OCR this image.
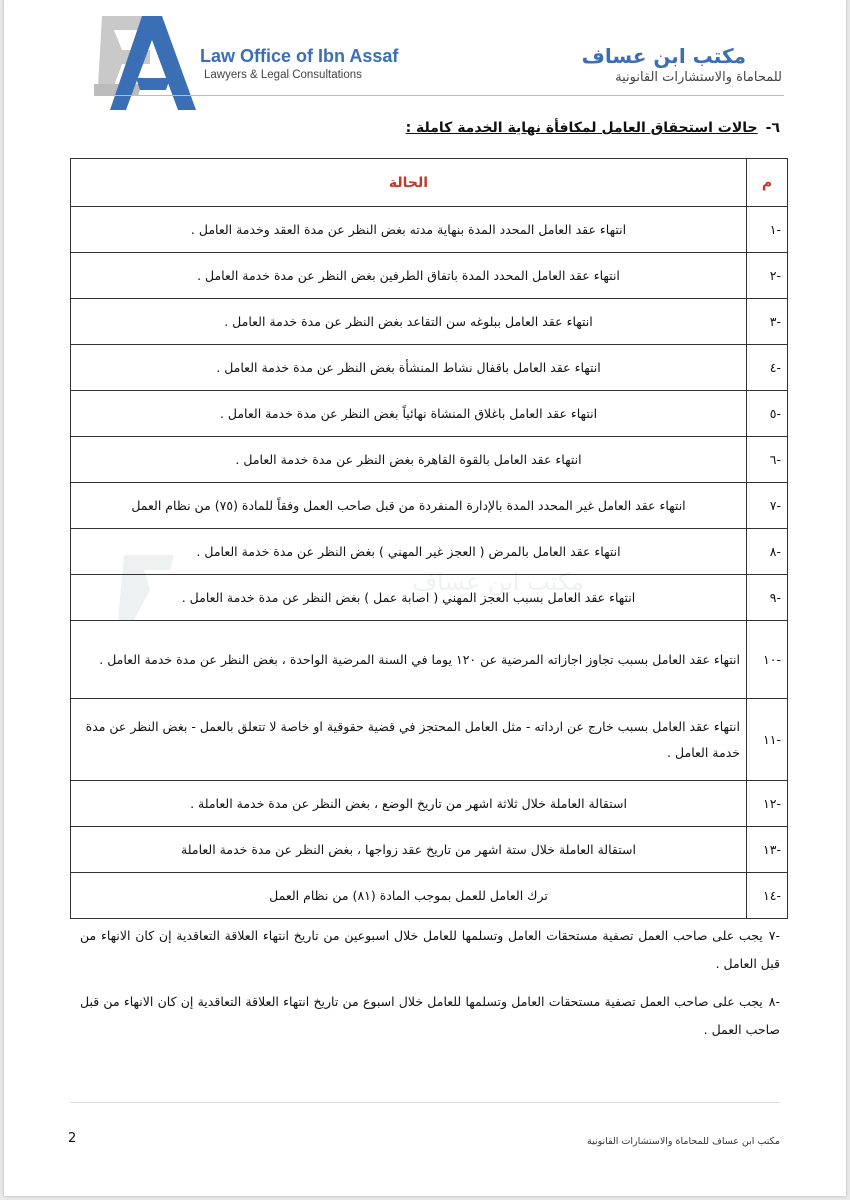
Law Office of Ibn Assaf
Lawyers & Legal Consultations
مكتب ابن عساف
للمحاماة والاستشارات القانونية
٦-حالات استحقاق العامل لمكافأة نهاية الخدمة كاملة :
مكتب ابن عساف
م	الحالة
-١	انتهاء عقد العامل المحدد المدة بنهاية مدته بغض النظر عن مدة العقد وخدمة العامل .
-٢	انتهاء عقد العامل المحدد المدة باتفاق الطرفين بغض النظر عن مدة خدمة العامل .
-٣	انتهاء عقد العامل ببلوغه سن التقاعد بغض النظر عن مدة خدمة العامل .
-٤	انتهاء عقد العامل باقفال نشاط المنشأة بغض النظر عن مدة خدمة العامل .
-٥	انتهاء عقد العامل باغلاق المنشاة نهائياً بغض النظر عن مدة خدمة العامل .
-٦	انتهاء عقد العامل بالقوة القاهرة بغض النظر عن مدة خدمة العامل .
-٧	انتهاء عقد العامل غير المحدد المدة بالإدارة المنفردة من قبل صاحب العمل وفقاً للمادة (٧٥) من نظام العمل
-٨	انتهاء عقد العامل بالمرض ( العجز غير المهني ) بغض النظر عن مدة خدمة العامل .
-٩	انتهاء عقد العامل بسبب العجز المهني ( اصابة عمل ) بغض النظر عن مدة خدمة العامل .
-١٠	انتهاء عقد العامل بسبب تجاوز اجازاته المرضية عن ١٢٠ يوما في السنة المرضية الواحدة ، بغض النظر عن مدة خدمة العامل .
-١١	انتهاء عقد العامل بسبب خارج عن ارداته - مثل العامل المحتجز في قضية حقوقية او خاصة لا تتعلق بالعمل - بغض النظر عن مدة خدمة العامل .
-١٢	استقالة العاملة خلال ثلاثة اشهر من تاريخ الوضع ، بغض النظر عن مدة خدمة العاملة .
-١٣	استقالة العاملة خلال ستة اشهر من تاريخ عقد زواجها ، بغض النظر عن مدة خدمة العاملة
-١٤	ترك العامل للعمل بموجب المادة (٨١) من نظام العمل
-٧يجب على صاحب العمل تصفية مستحقات العامل وتسلمها للعامل خلال اسبوعين من تاريخ انتهاء العلاقة التعاقدية إن كان الانهاء من قبل العامل .
-٨يجب على صاحب العمل تصفية مستحقات العامل وتسلمها للعامل خلال اسبوع من تاريخ انتهاء العلاقة التعاقدية إن كان الانهاء من قبل صاحب العمل .
2	مكتب ابن عساف للمحاماة والاستشارات القانونية
